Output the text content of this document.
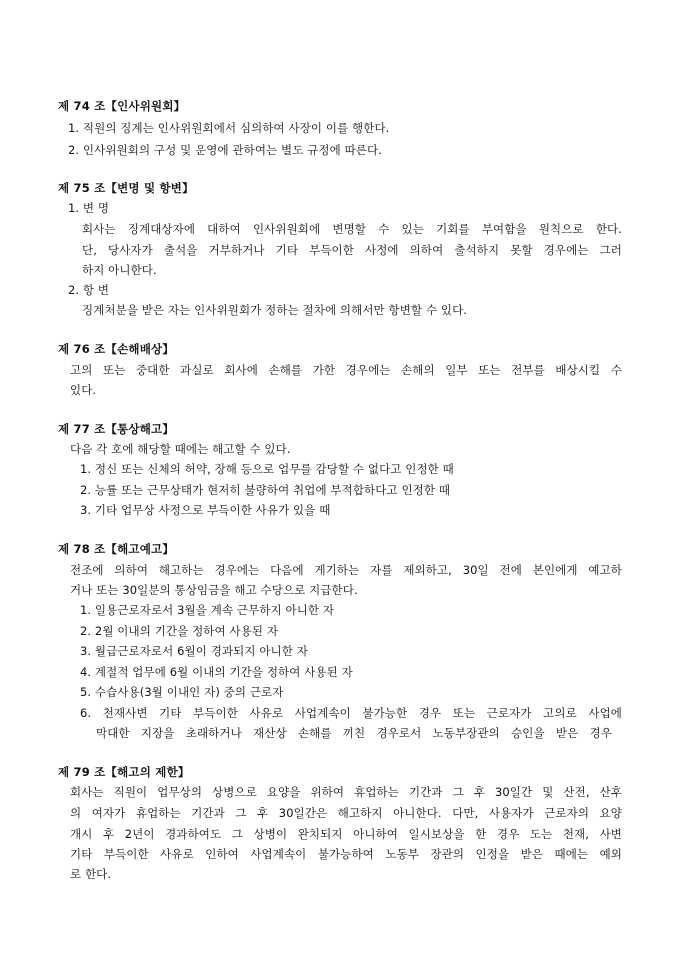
제 74 조【인사위원회】
1. 직원의 징계는 인사위원회에서 심의하여 사장이 이를 행한다.
2. 인사위원회의 구성 및 운영에 관하여는 별도 규정에 따른다.
제 75 조【변명 및 항변】
1. 변 명
회사는 징계대상자에 대하여 인사위원회에 변명할 수 있는 기회를 부여함을 원칙으로 한다.
단, 당사자가 출석을 거부하거나 기타 부득이한 사정에 의하여 출석하지 못할 경우에는 그러
하지 아니한다.
2. 항 변
징계처분을 받은 자는 인사위원회가 정하는 절차에 의해서만 항변할 수 있다.
제 76 조【손해배상】
고의 또는 중대한 과실로 회사에 손해를 가한 경우에는 손해의 일부 또는 전부를 배상시킬 수
있다.
제 77 조【통상해고】
다음 각 호에 해당할 때에는 해고할 수 있다.
1. 정신 또는 신체의 허약, 장해 등으로 업무를 감당할 수 없다고 인정한 때
2. 능률 또는 근무상태가 현저히 불량하여 취업에 부적합하다고 인정한 때
3. 기타 업무상 사정으로 부득이한 사유가 있을 때
제 78 조【해고예고】
전조에 의하여 해고하는 경우에는 다음에 게기하는 자를 제외하고, 30일 전에 본인에게 예고하
거나 또는 30일분의 통상임금을 해고 수당으로 지급한다.
1. 일용근로자로서 3월을 계속 근무하지 아니한 자
2. 2월 이내의 기간을 정하여 사용된 자
3. 월급근로자로서 6월이 경과되지 아니한 자
4. 계절적 업무에 6월 이내의 기간을 정하여 사용된 자
5. 수습사용(3월 이내인 자) 중의 근로자
6. 천재사변 기타 부득이한 사유로 사업계속이 불가능한 경우 또는 근로자가 고의로 사업에
막대한 지장을 초래하거나 재산상 손해를 끼친 경우로서 노동부장관의 승인을 받은 경우
제 79 조【해고의 제한】
회사는 직원이 업무상의 상병으로 요양을 위하여 휴업하는 기간과 그 후 30일간 및 산전, 산후
의 여자가 휴업하는 기간과 그 후 30일간은 해고하지 아니한다. 다만, 사용자가 근로자의 요양
개시 후 2년이 경과하여도 그 상병이 완치되지 아니하여 일시보상을 한 경우 도는 천재, 사변
기타 부득이한 사유로 인하여 사업계속이 불가능하여 노동부 장관의 인정을 받은 때에는 예외
로 한다.
